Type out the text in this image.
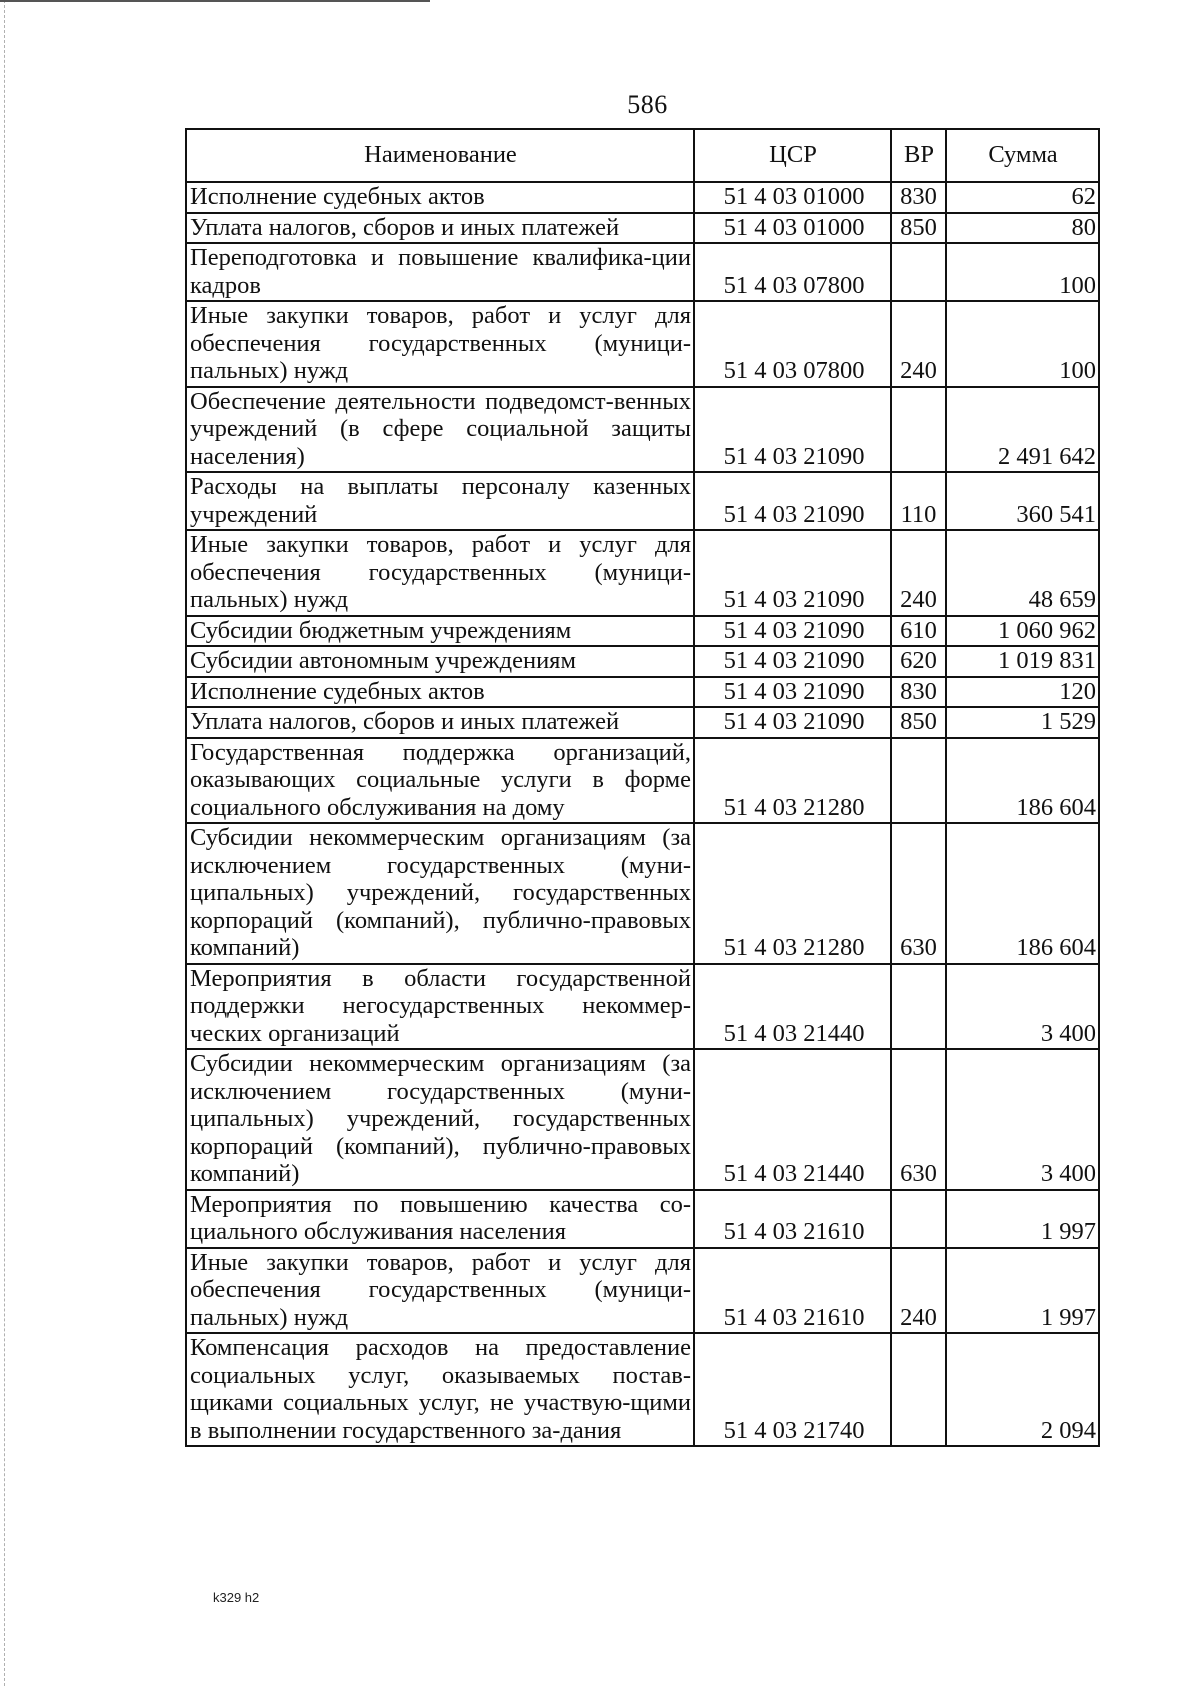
586
Наименование	ЦСР	ВР	Сумма
Исполнение судебных актов	51 4 03 01000	830	62
Уплата налогов, сборов и иных платежей	51 4 03 01000	850	80
Переподготовка и повышение квалифика-ции кадров	51 4 03 07800		100
Иные закупки товаров, работ и услуг для обеспечения государственных (муници-пальных) нужд	51 4 03 07800	240	100
Обеспечение деятельности подведомст-венных учреждений (в сфере социальной защиты населения)	51 4 03 21090		2 491 642
Расходы на выплаты персоналу казенных учреждений	51 4 03 21090	110	360 541
Иные закупки товаров, работ и услуг для обеспечения государственных (муници-пальных) нужд	51 4 03 21090	240	48 659
Субсидии бюджетным учреждениям	51 4 03 21090	610	1 060 962
Субсидии автономным учреждениям	51 4 03 21090	620	1 019 831
Исполнение судебных актов	51 4 03 21090	830	120
Уплата налогов, сборов и иных платежей	51 4 03 21090	850	1 529
Государственная поддержка организаций, оказывающих социальные услуги в форме социального обслуживания на дому	51 4 03 21280		186 604
Субсидии некоммерческим организациям (за исключением государственных (муни-ципальных) учреждений, государственных корпораций (компаний), публично-правовых компаний)	51 4 03 21280	630	186 604
Мероприятия в области государственной поддержки негосударственных некоммер-ческих организаций	51 4 03 21440		3 400
Субсидии некоммерческим организациям (за исключением государственных (муни-ципальных) учреждений, государственных корпораций (компаний), публично-правовых компаний)	51 4 03 21440	630	3 400
Мероприятия по повышению качества со-циального обслуживания населения	51 4 03 21610		1 997
Иные закупки товаров, работ и услуг для обеспечения государственных (муници-пальных) нужд	51 4 03 21610	240	1 997
Компенсация расходов на предоставление социальных услуг, оказываемых постав-щиками социальных услуг, не участвую-щими в выполнении государственного за-дания	51 4 03 21740		2 094
k329 h2
